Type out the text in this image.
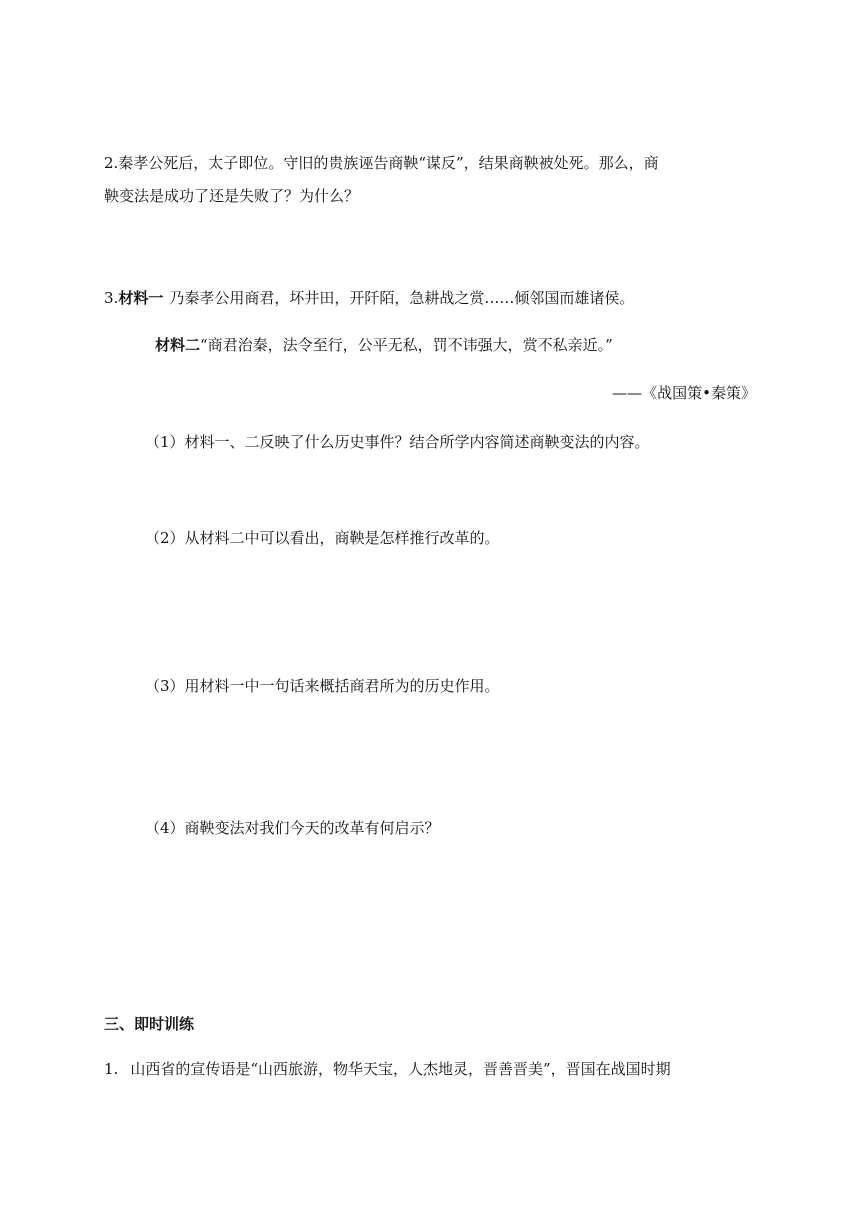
2.秦孝公死后，太子即位。守旧的贵族诬告商鞅“谋反”，结果商鞅被处死。那么，商
鞅变法是成功了还是失败了？为什么？
3.材料一 乃秦孝公用商君，坏井田，开阡陌，急耕战之赏……倾邻国而雄诸侯。
材料二“商君治秦，法令至行，公平无私，罚不讳强大，赏不私亲近。”
——《战国策•秦策》
（1）材料一、二反映了什么历史事件？结合所学内容简述商鞅变法的内容。
（2）从材料二中可以看出，商鞅是怎样推行改革的。
（3）用材料一中一句话来概括商君所为的历史作用。
（4）商鞅变法对我们今天的改革有何启示？
三、即时训练
1. 山西省的宣传语是“山西旅游，物华天宝，人杰地灵，晋善晋美”，晋国在战国时期
